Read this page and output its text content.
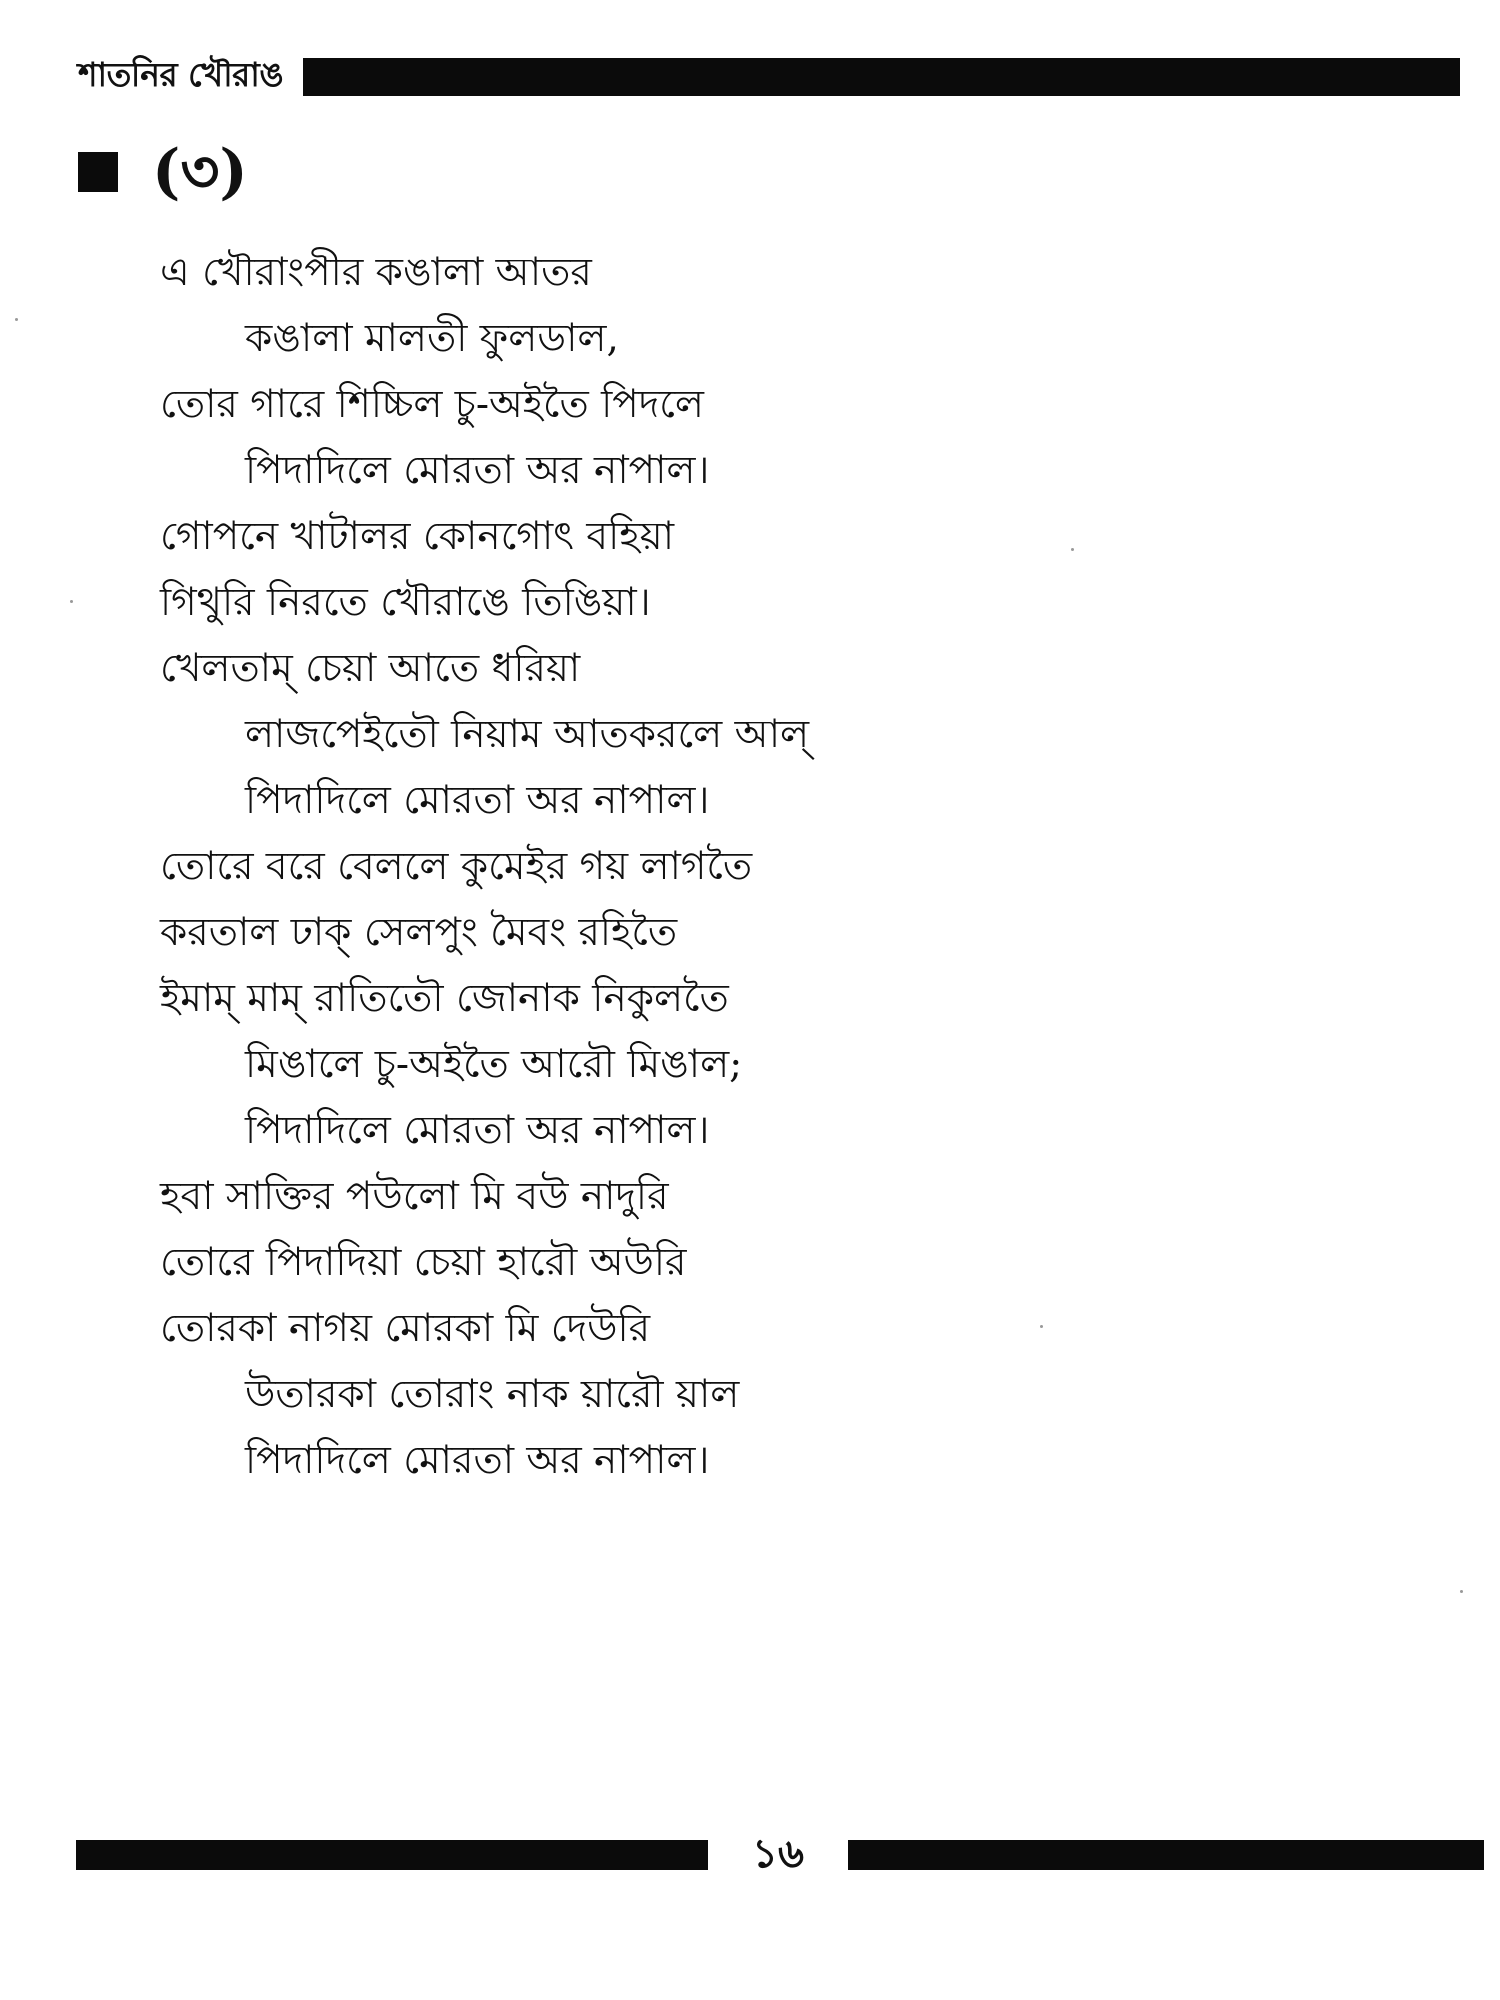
শাতনির খৌরাঙ
(৩)
এ খৌরাংপীর কঙালা আতর
কঙালা মালতী ফুলডাল,
তোর গারে শিচ্চিল চু-অইতৈ পিদলে
পিদাদিলে মোরতা অর নাপাল।
গোপনে খাটালর কোনগোৎ বহিয়া
গিথুরি নিরতে খৌরাঙে তিঙিয়া।
খেলতাম্ চেয়া আতে ধরিয়া
লাজপেইতৌ নিয়াম আতকরলে আল্
পিদাদিলে মোরতা অর নাপাল।
তোরে বরে বেললে কুমেইর গয় লাগতৈ
করতাল ঢাক্ সেলপুং মৈবং রহিতৈ
ইমাম্ মাম্ রাতিতৌ জোনাক নিকুলতৈ
মিঙালে চু-অইতৈ আরৌ মিঙাল;
পিদাদিলে মোরতা অর নাপাল।
হবা সাক্তির পউলো মি বউ নাদুরি
তোরে পিদাদিয়া চেয়া হারৌ অউরি
তোরকা নাগয় মোরকা মি দেউরি
উতারকা তোরাং নাক য়ারৌ য়াল
পিদাদিলে মোরতা অর নাপাল।
১৬
